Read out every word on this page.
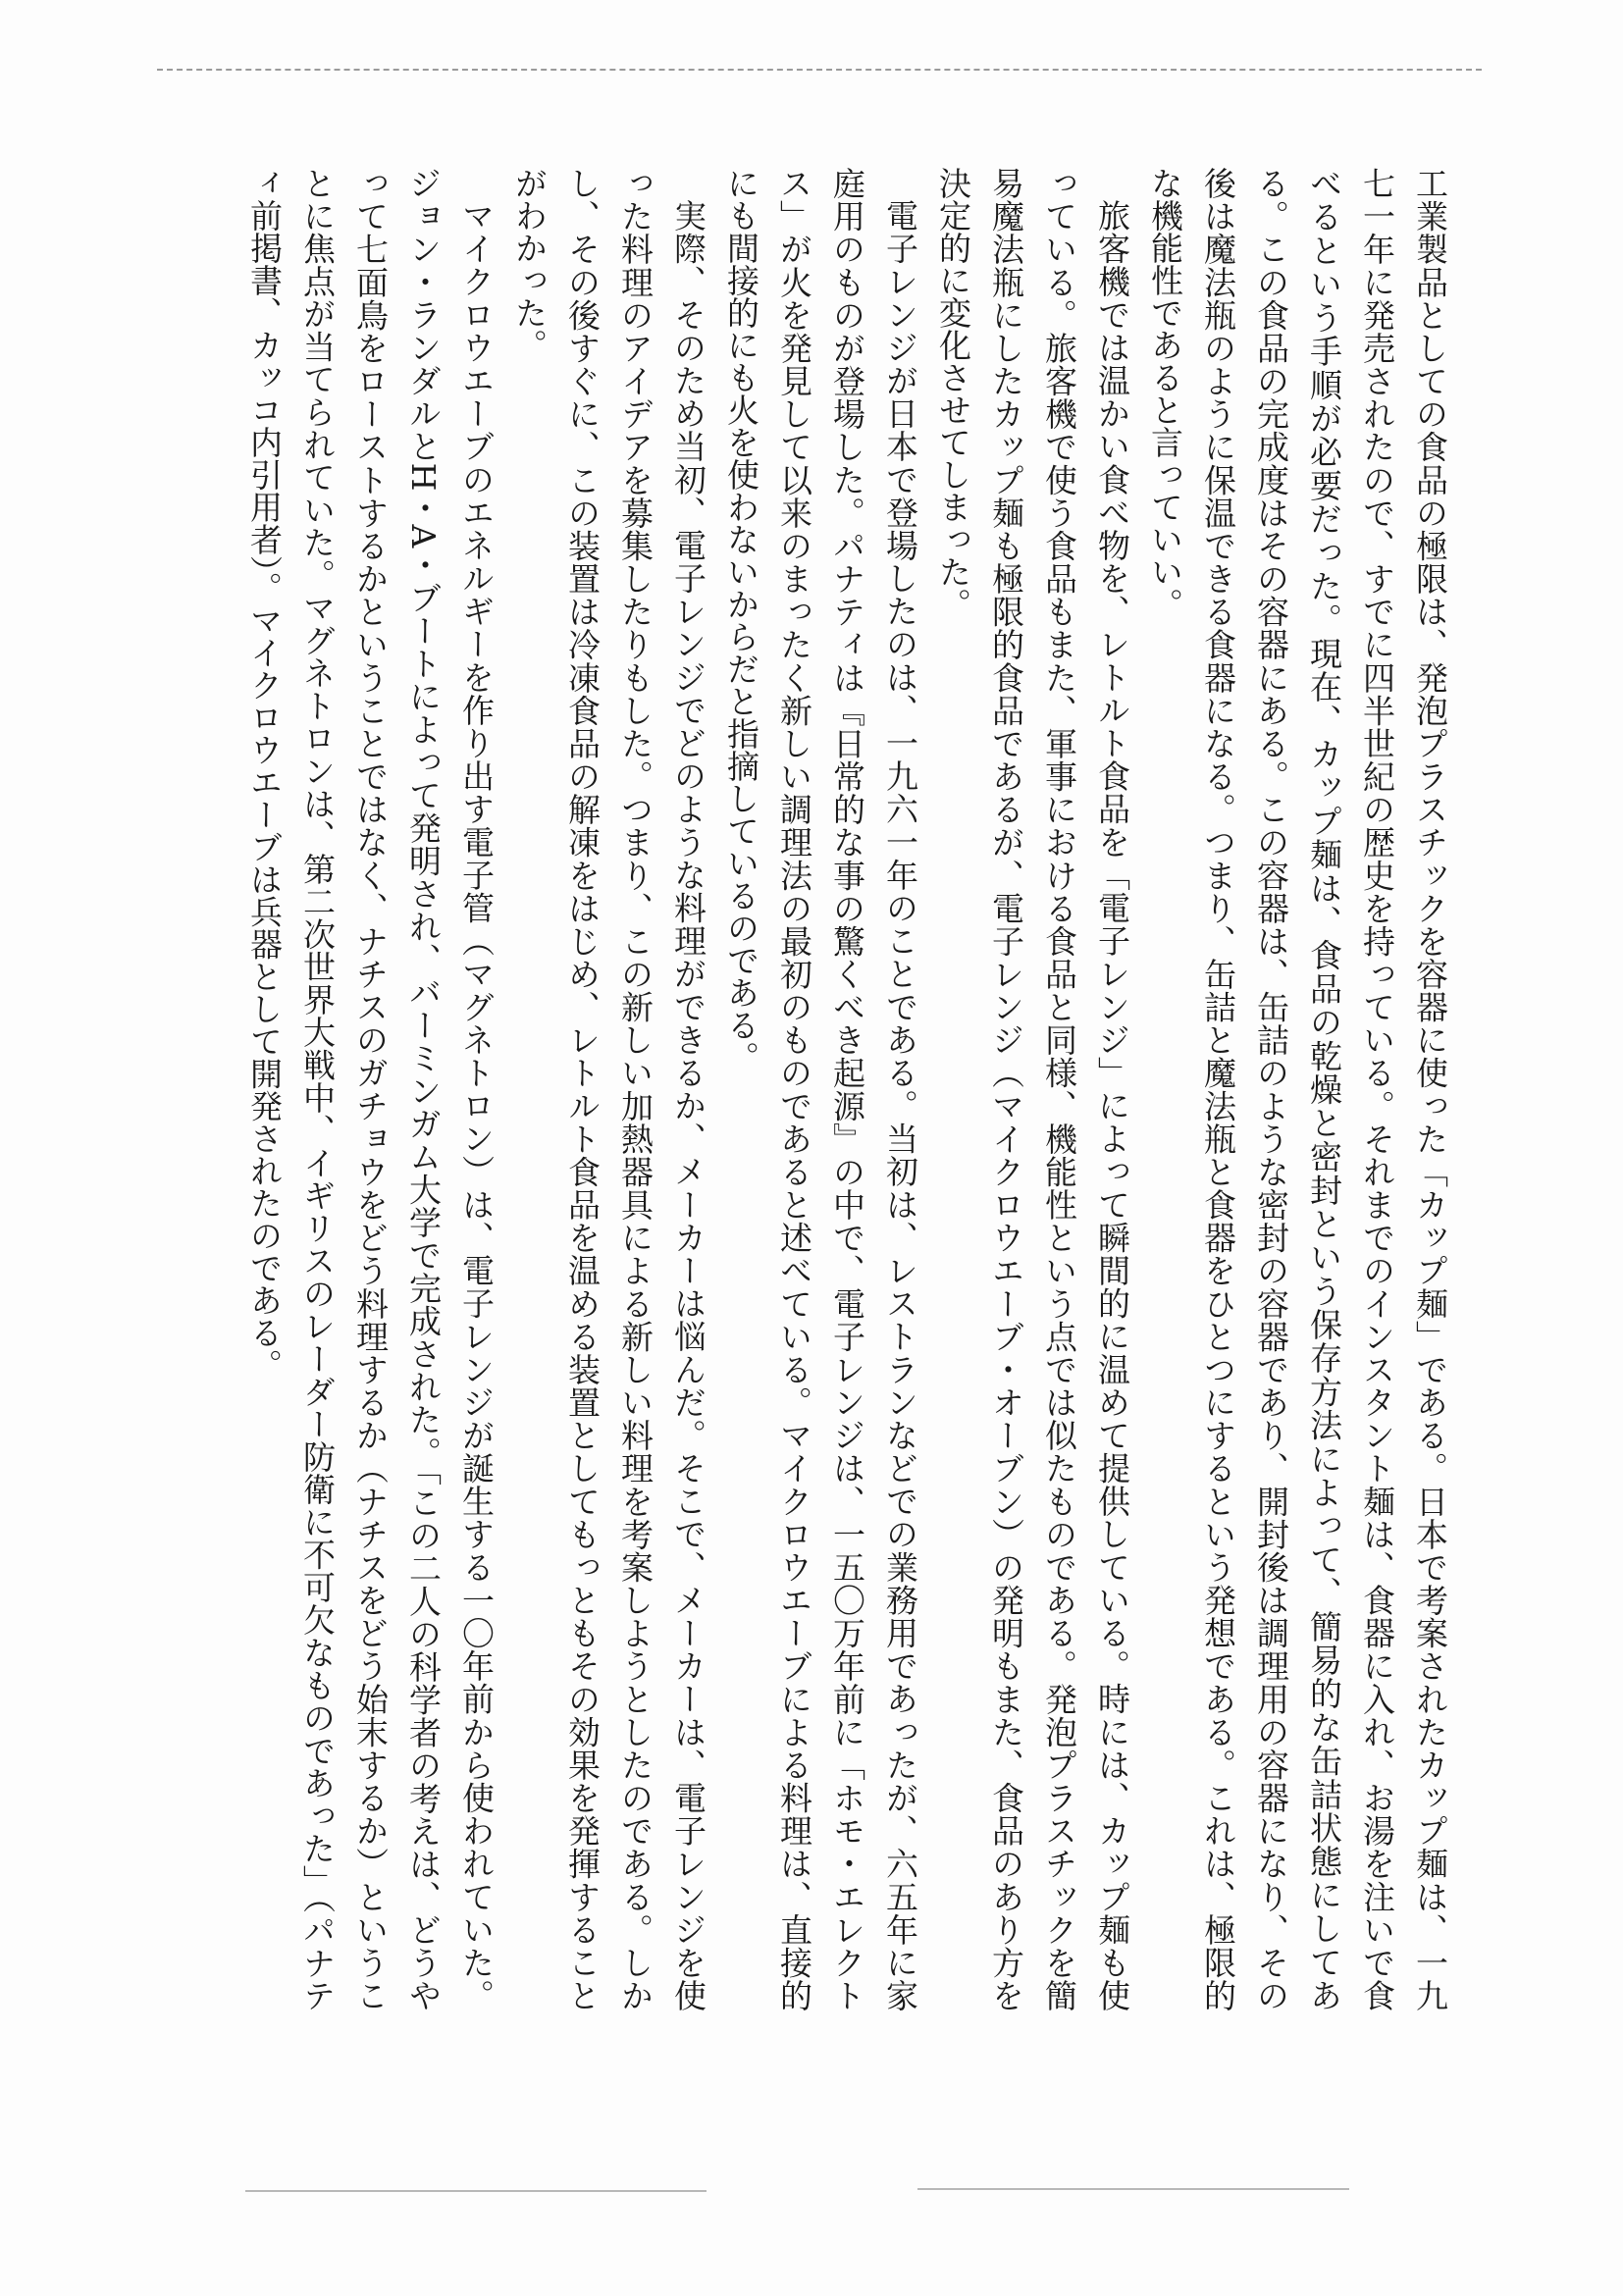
工業製品としての食品の極限は、発泡プラスチックを容器に使った「カップ麺」である。日本で考案されたカップ麺は、一九七一年に発売されたので、すでに四半世紀の歴史を持っている。それまでのインスタント麺は、食器に入れ、お湯を注いで食べるという手順が必要だった。現在、カップ麺は、食品の乾燥と密封という保存方法によって、簡易的な缶詰状態にしてある。この食品の完成度はその容器にある。この容器は、缶詰のような密封の容器であり、開封後は調理用の容器になり、その後は魔法瓶のように保温できる食器になる。つまり、缶詰と魔法瓶と食器をひとつにするという発想である。これは、極限的な機能性であると言っていい。

旅客機では温かい食べ物を、レトルト食品を「電子レンジ」によって瞬間的に温めて提供している。時には、カップ麺も使っている。旅客機で使う食品もまた、軍事における食品と同様、機能性という点では似たものである。発泡プラスチックを簡易魔法瓶にしたカップ麺も極限的食品であるが、電子レンジ（マイクロウエーブ・オーブン）の発明もまた、食品のあり方を決定的に変化させてしまった。

電子レンジが日本で登場したのは、一九六一年のことである。当初は、レストランなどでの業務用であったが、六五年に家庭用のものが登場した。パナティは『日常的な事の驚くべき起源』の中で、電子レンジは、一五〇万年前に「ホモ・エレクトス」が火を発見して以来のまったく新しい調理法の最初のものであると述べている。マイクロウエーブによる料理は、直接的にも間接的にも火を使わないからだと指摘しているのである。

実際、そのため当初、電子レンジでどのような料理ができるか、メーカーは悩んだ。そこで、メーカーは、電子レンジを使った料理のアイデアを募集したりもした。つまり、この新しい加熱器具による新しい料理を考案しようとしたのである。しかし、その後すぐに、この装置は冷凍食品の解凍をはじめ、レトルト食品を温める装置としてもっともその効果を発揮することがわかった。

マイクロウエーブのエネルギーを作り出す電子管（マグネトロン）は、電子レンジが誕生する一〇年前から使われていた。ジョン・ランダルとH・A・ブートによって発明され、バーミンガム大学で完成された。「この二人の科学者の考えは、どうやって七面鳥をローストするかということではなく、ナチスのガチョウをどう料理するか（ナチスをどう始末するか）ということに焦点が当てられていた。マグネトロンは、第二次世界大戦中、イギリスのレーダー防衛に不可欠なものであった」（パナティ前掲書、カッコ内引用者）。マイクロウエーブは兵器として開発されたのである。
